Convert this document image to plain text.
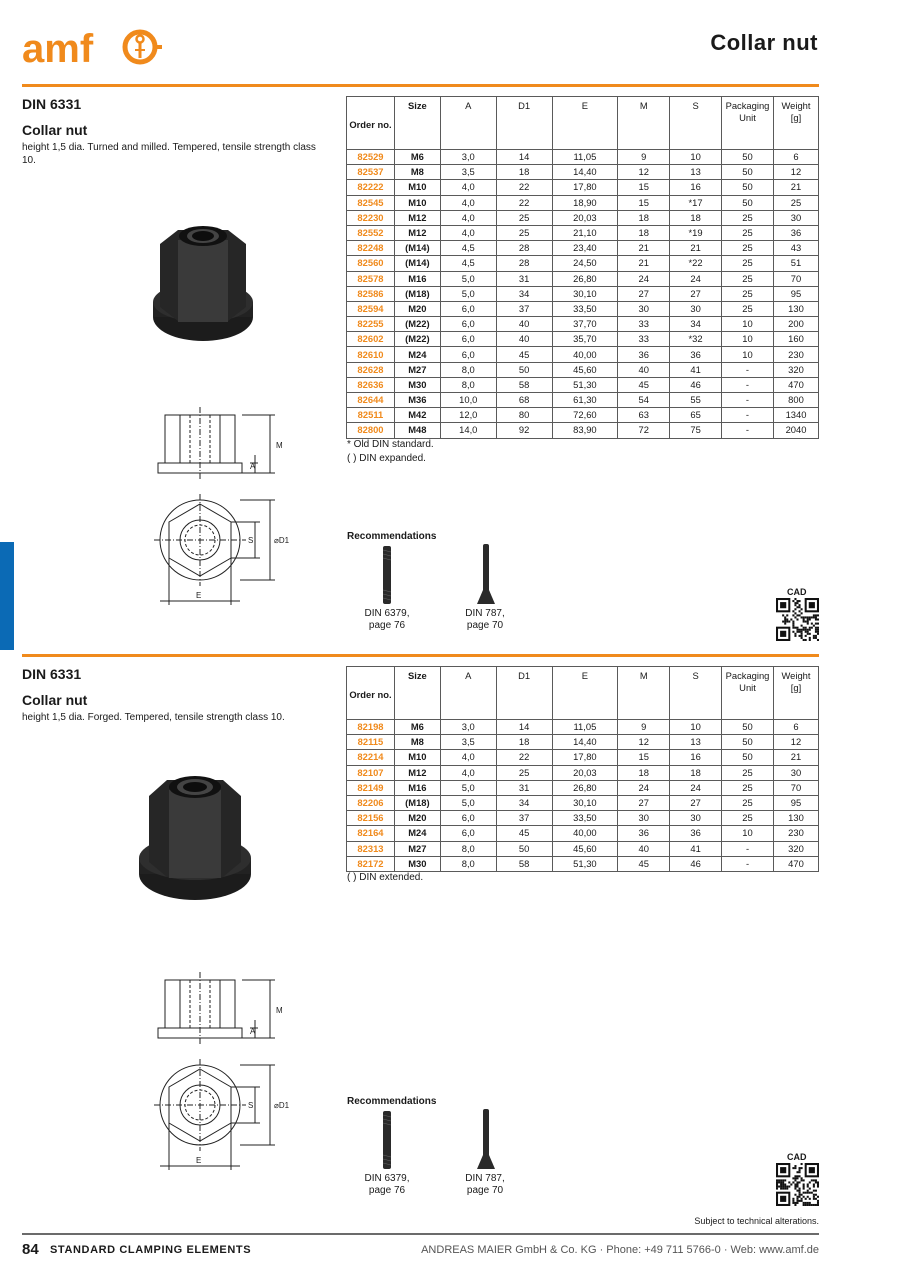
amf	Collar nut
DIN 6331
Collar nut
height 1,5 dia. Turned and milled. Tempered, tensile strength class 10.
M
A
S	⌀D1
E
Order no.	Size	A	D1	E	M	S	Packaging Unit	Weight [g]
82529	M6	3,0	14	11,05	9	10	50	6
82537	M8	3,5	18	14,40	12	13	50	12
82222	M10	4,0	22	17,80	15	16	50	21
82545	M10	4,0	22	18,90	15	*17	50	25
82230	M12	4,0	25	20,03	18	18	25	30
82552	M12	4,0	25	21,10	18	*19	25	36
82248	(M14)	4,5	28	23,40	21	21	25	43
82560	(M14)	4,5	28	24,50	21	*22	25	51
82578	M16	5,0	31	26,80	24	24	25	70
82586	(M18)	5,0	34	30,10	27	27	25	95
82594	M20	6,0	37	33,50	30	30	25	130
82255	(M22)	6,0	40	37,70	33	34	10	200
82602	(M22)	6,0	40	35,70	33	*32	10	160
82610	M24	6,0	45	40,00	36	36	10	230
82628	M27	8,0	50	45,60	40	41	-	320
82636	M30	8,0	58	51,30	45	46	-	470
82644	M36	10,0	68	61,30	54	55	-	800
82511	M42	12,0	80	72,60	63	65	-	1340
82800	M48	14,0	92	83,90	72	75	-	2040
* Old DIN standard.
( ) DIN expanded.
Recommendations
DIN 6379,
page 76
DIN 787,
page 70
CAD
DIN 6331
Collar nut
height 1,5 dia. Forged. Tempered, tensile strength class 10.
M
A
S	⌀D1
E
Order no.	Size	A	D1	E	M	S	Packaging Unit	Weight [g]
82198	M6	3,0	14	11,05	9	10	50	6
82115	M8	3,5	18	14,40	12	13	50	12
82214	M10	4,0	22	17,80	15	16	50	21
82107	M12	4,0	25	20,03	18	18	25	30
82149	M16	5,0	31	26,80	24	24	25	70
82206	(M18)	5,0	34	30,10	27	27	25	95
82156	M20	6,0	37	33,50	30	30	25	130
82164	M24	6,0	45	40,00	36	36	10	230
82313	M27	8,0	50	45,60	40	41	-	320
82172	M30	8,0	58	51,30	45	46	-	470
( ) DIN extended.
Recommendations
DIN 6379,
page 76
DIN 787,
page 70
CAD
Subject to technical alterations.
84 STANDARD CLAMPING ELEMENTS	ANDREAS MAIER GmbH & Co. KG · Phone: +49 711 5766-0 · Web: www.amf.de
